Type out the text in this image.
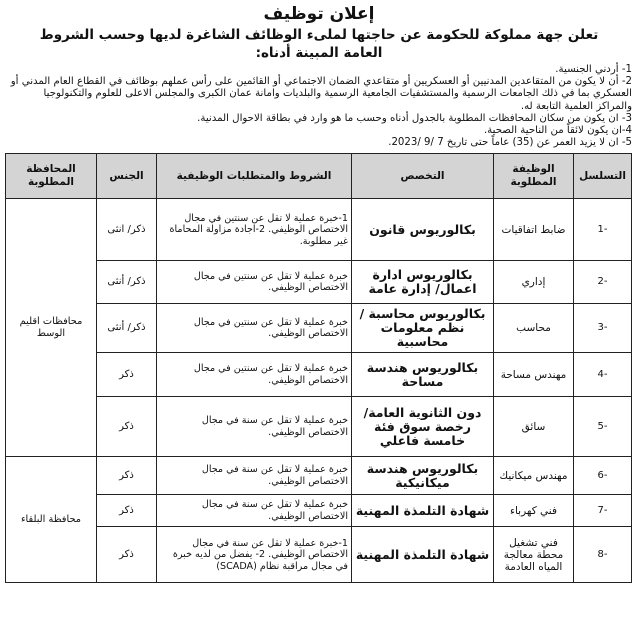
إعلان توظيف
تعلن جهة مملوكة للحكومة عن حاجتها لملىء الوظائف الشاغرة لديها وحسب الشروط
العامة المبينة أدناه:
1- أردني الجنسية.
2- أن لا يكون من المتقاعدين المدنيين أو العسكريين أو متقاعدي الضمان الاجتماعي أو القائمين على رأس عملهم بوظائف في القطاع العام المدني أو العسكري بما في ذلك الجامعات الرسمية والمستشفيات الجامعية الرسمية والبلديات وامانة عمان الكبرى والمجلس الاعلى للعلوم والتكنولوجيا والمراكز العلمية التابعة له.
3- ان يكون من سكان المحافظات المطلوبة بالجدول أدناه وحسب ما هو وارد في بطاقة الاحوال المدنية.
4-ان يكون لائقاً من الناحية الصحية.
5- ان لا يزيد العمر عن (35) عاماً حتى تاريخ 7 /9 /2023.
التسلسل	الوظيفة المطلوبة	التخصص	الشروط والمتطلبات الوظيفية	الجنس	المحافظة المطلوبة
-1	ضابط اتفاقيات	بكالوريوس قانون	1-خبرة عملية لا تقل عن سنتين في مجال الاختصاص الوظيفي. 2-اجادة مزاولة المحاماة غير مطلوبة.	ذكر/ انثى	محافظات اقليم الوسط
-2	إداري	بكالوريوس ادارة اعمال/ إدارة عامة	خبرة عملية لا تقل عن سنتين في مجال الاختصاص الوظيفي.	ذكر/ أنثى	
-3	محاسب	بكالوريوس محاسبة / نظم معلومات محاسبية	خبرة عملية لا تقل عن سنتين في مجال الاختصاص الوظيفي.	ذكر/ أنثى	
-4	مهندس مساحة	بكالوريوس هندسة مساحة	خبرة عملية لا تقل عن سنتين في مجال الاختصاص الوظيفي.	ذكر	
-5	سائق	دون الثانوية العامة/ رخصة سوق فئة خامسة فاعلي	خبرة عملية لا تقل عن سنة في مجال الاختصاص الوظيفي.	ذكر	
-6	مهندس ميكانيك	بكالوريوس هندسة ميكانيكية	خبرة عملية لا تقل عن سنة في مجال الاختصاص الوظيفي.	ذكر	محافظة البلقاء
-7	فني كهرباء	شهادة التلمذة المهنية	خبرة عملية لا تقل عن سنة في مجال الاختصاص الوظيفي.	ذكر	
-8	فني تشغيل محطة معالجة المياه العادمة	شهادة التلمذة المهنية	1-خبرة عملية لا تقل عن سنة في مجال الاختصاص الوظيفي. 2- يفضل من لديه خبرة في مجال مراقبة نظام (SCADA)	ذكر	
